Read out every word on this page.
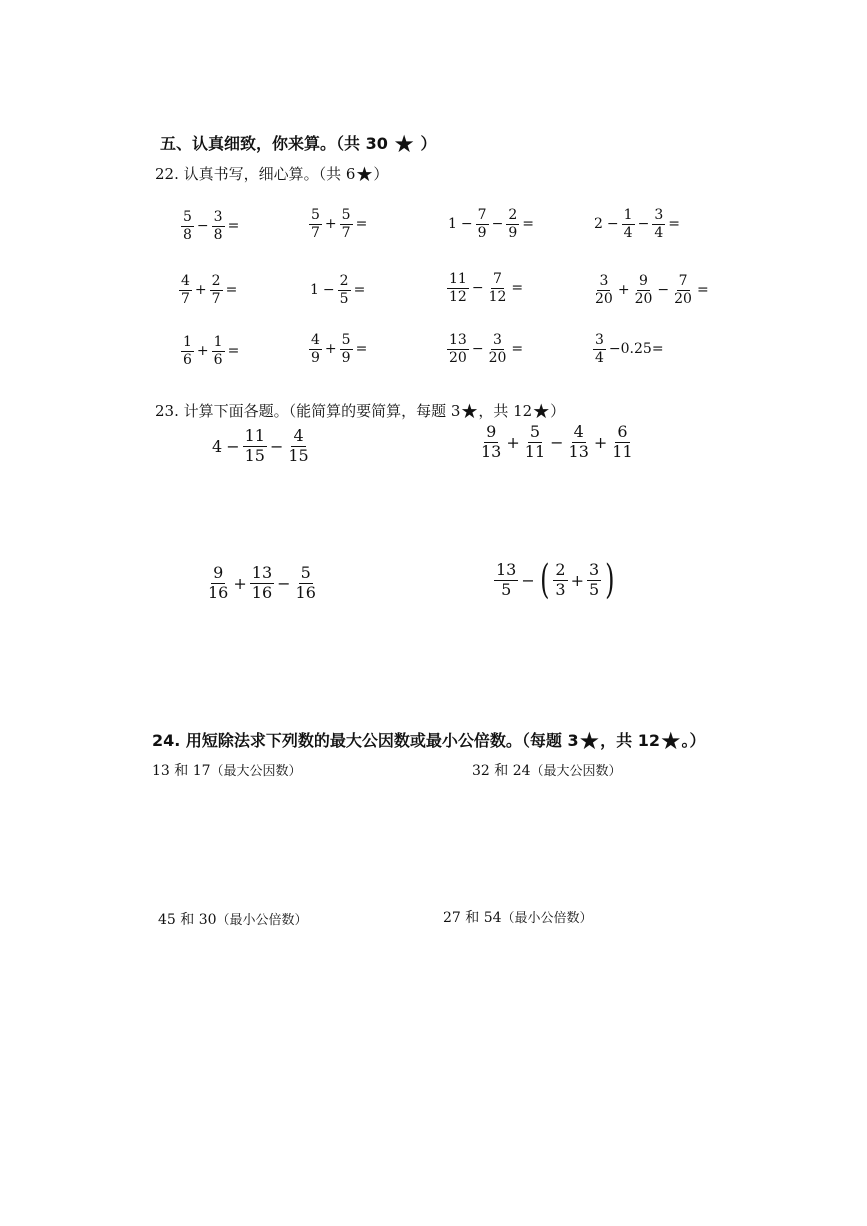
五、认真细致，你来算。（共 30 ★ ）
22. 认真书写，细心算。（共 6★）
$\frac{5}{8} - \frac{3}{8}$ =	$\frac{5}{7} + \frac{5}{7}$ =	$1 - \frac{7}{9} - \frac{2}{9}$ =	$2 - \frac{1}{4} - \frac{3}{4}$ =
$\frac{4}{7} + \frac{2}{7}$ =	$1 - \frac{2}{5}$ =	$\frac{11}{12} - \frac{7}{12}$ =	$\frac{3}{20} + \frac{9}{20} - \frac{7}{20}$ =
$\frac{1}{6} + \frac{1}{6}$ =	$\frac{4}{9} + \frac{5}{9}$ =	$\frac{13}{20} - \frac{3}{20}$ =	$\frac{3}{4} -0.25=$
23. 计算下面各题。（能简算的要简算，每题 3★，共 12★）
$4 - \frac{11}{15} - \frac{4}{15}$	$\frac{9}{13} + \frac{5}{11} - \frac{4}{13} + \frac{6}{11}$
$\frac{9}{16} + \frac{13}{16} - \frac{5}{16}$	$\frac{13}{5}$ − ( $\frac{2}{3} + \frac{3}{5}$ )
24. 用短除法求下列数的最大公因数或最小公倍数。（每题 3★，共 12★。）
13 和 17（最大公因数）	32 和 24（最大公因数）
45 和 30（最小公倍数）	27 和 54（最小公倍数）
